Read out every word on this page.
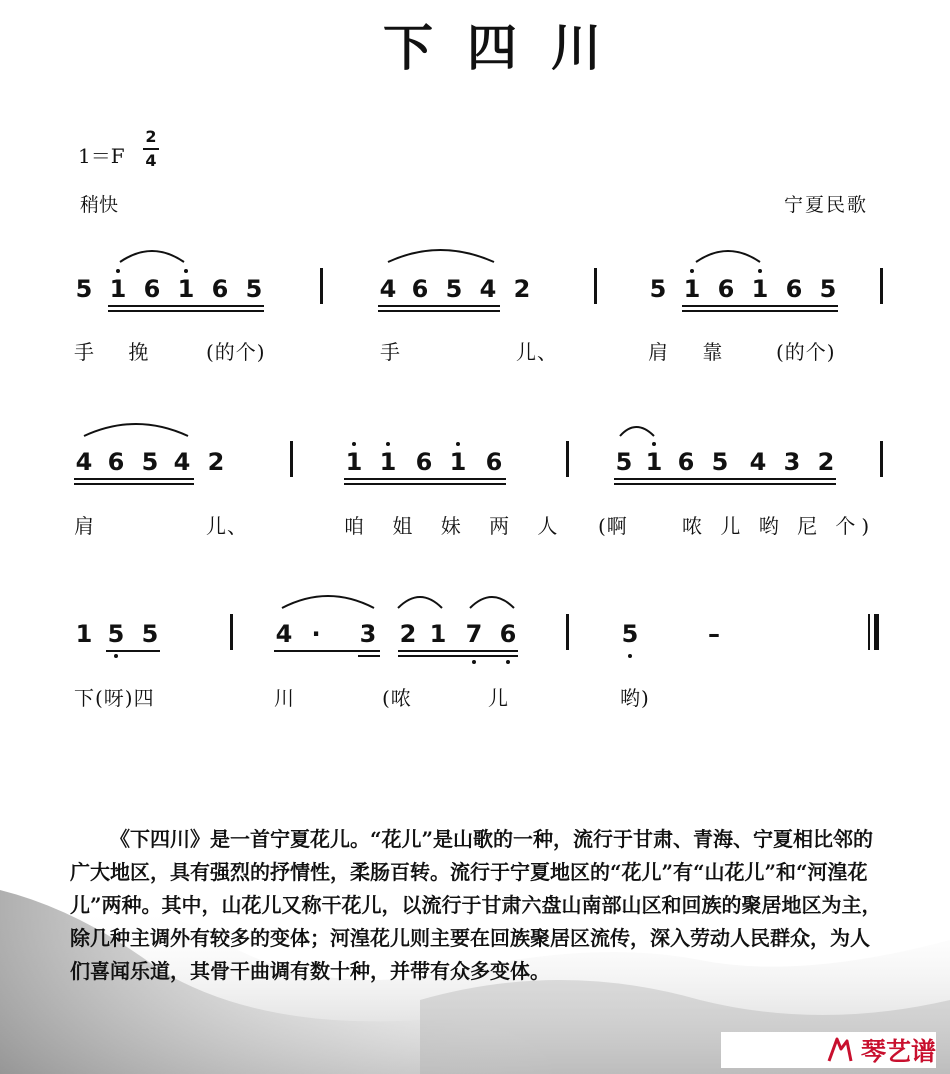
下四川
1＝F
2
4
稍快	宁夏民歌
5 1 6 1 6 5	4 6 5 4 2	5 1 6 1 6 5
手 挽 (的个)	手	儿、	肩 靠 (的个)
4 6 5 4 2	1 1 6 1 6	5 1 6 5 4 3 2
肩	儿、	咱 姐 妹 两 人 (啊	哝 儿 哟 尼 个)
1 5 5	4 · 3 2 1 7 6	5	–
下(呀)四	川	(哝	儿	哟)
《下四川》是一首宁夏花儿。“花儿”是山歌的一种，流行于甘肃、青海、宁夏相比邻的广大地区，具有强烈的抒情性，柔肠百转。流行于宁夏地区的“花儿”有“山花儿”和“河湟花儿”两种。其中，山花儿又称干花儿，以流行于甘肃六盘山南部山区和回族的聚居地区为主，除几种主调外有较多的变体；河湟花儿则主要在回族聚居区流传，深入劳动人民群众，为人们喜闻乐道，其骨干曲调有数十种，并带有众多变体。
琴艺谱
